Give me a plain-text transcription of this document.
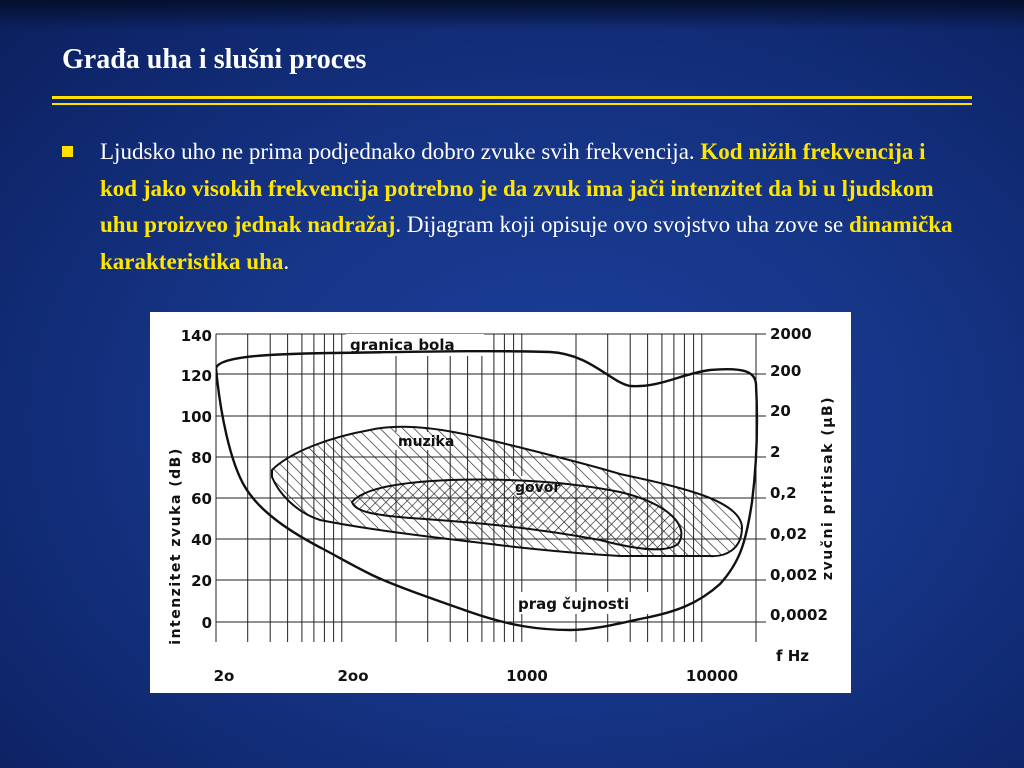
Građa uha i slušni proces

Ljudsko uho ne prima podjednako dobro zvuke svih frekvencija. Kod nižih frekvencija i kod jako visokih frekvencija potrebno je da zvuk ima jači intenzitet da bi u ljudskom uhu proizveo jednak nadražaj. Dijagram koji opisuje ovo svojstvo uha zove se dinamička karakteristika uha.

granica bola
muzika
govor
prag čujnosti
140
120
100
80
60
40
20
0
2000
200
20
2
0,2
0,02
0,002
0,0002
f Hz
2o	2oo	1000	10000
intenzitet zvuka (dB)	zvučni pritisak (µB)
